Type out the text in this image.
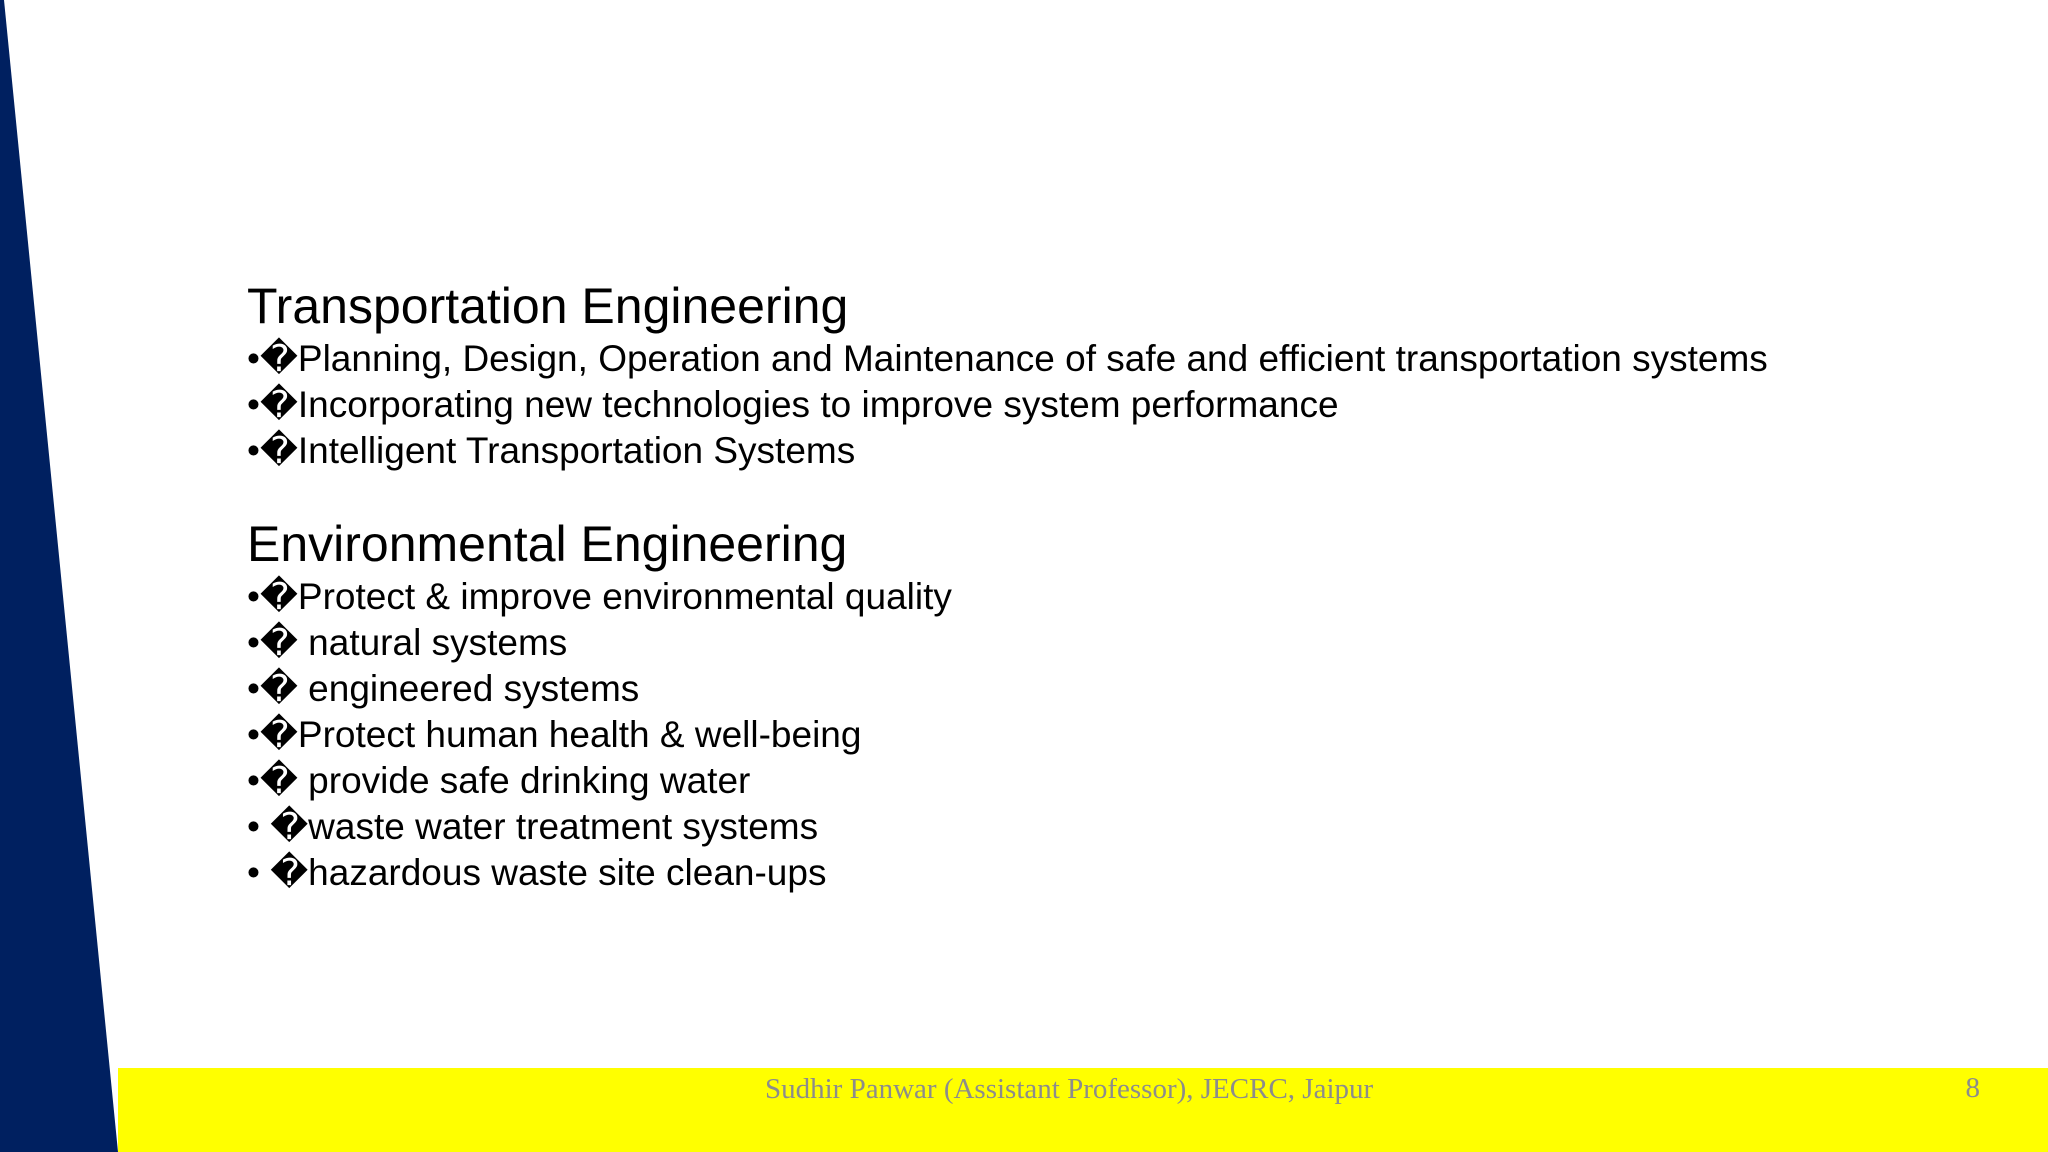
Transportation Engineering
•�Planning, Design, Operation and Maintenance of safe and efficient transportation systems
•�Incorporating new technologies to improve system performance
•�Intelligent Transportation Systems
Environmental Engineering
•�Protect & improve environmental quality
•� natural systems
•� engineered systems
•�Protect human health & well-being
•� provide safe drinking water
• �waste water treatment systems
• �hazardous waste site clean-ups
Sudhir Panwar (Assistant Professor), JECRC, Jaipur	8
